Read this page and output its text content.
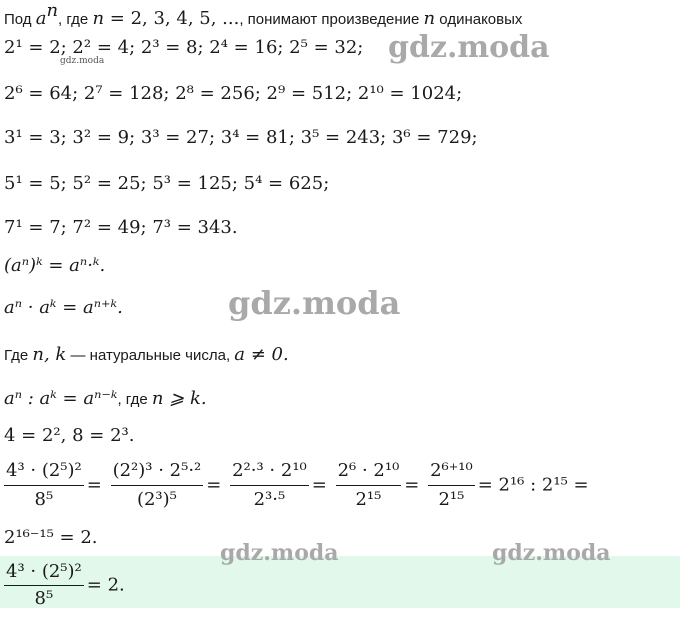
Под $a^n$, где n = 2, 3, 4, 5, ..., понимают произведение n одинаковых
2¹ = 2; 2² = 4; 2³ = 8; 2⁴ = 16; 2⁵ = 32;
2⁶ = 64; 2⁷ = 128; 2⁸ = 256; 2⁹ = 512; 2¹⁰ = 1024;
3¹ = 3; 3² = 9; 3³ = 27; 3⁴ = 81; 3⁵ = 243; 3⁶ = 729;
5¹ = 5; 5² = 25; 5³ = 125; 5⁴ = 625;
7¹ = 7; 7² = 49; 7³ = 343.
(aⁿ)ᵏ = aⁿ·ᵏ.
aⁿ · aᵏ = aⁿ⁺ᵏ.
Где n, k — натуральные числа, a ≠ 0.
aⁿ : aᵏ = aⁿ⁻ᵏ, где n ⩾ k.
4 = 2², 8 = 2³.
$\frac{\text{4³ · (2⁵)²}}{\text{8⁵}} = \frac{\text{(2²)³ · 2⁵·²}}{\text{(2³)⁵}} = \frac{\text{2²·³ · 2¹⁰}}{\text{2³·⁵}} = \frac{\text{2⁶ · 2¹⁰}}{\text{2¹⁵}} = \frac{\text{2⁶⁺¹⁰}}{\text{2¹⁵}} = 2^{16}$ : 2¹⁵ =
2¹⁶⁻¹⁵ = 2.
$\frac{\text{4³ · (2⁵)²}}{\text{8⁵}} = 2$.
gdz.moda
gdz.moda
gdz.moda
gdz.moda	gdz.moda
